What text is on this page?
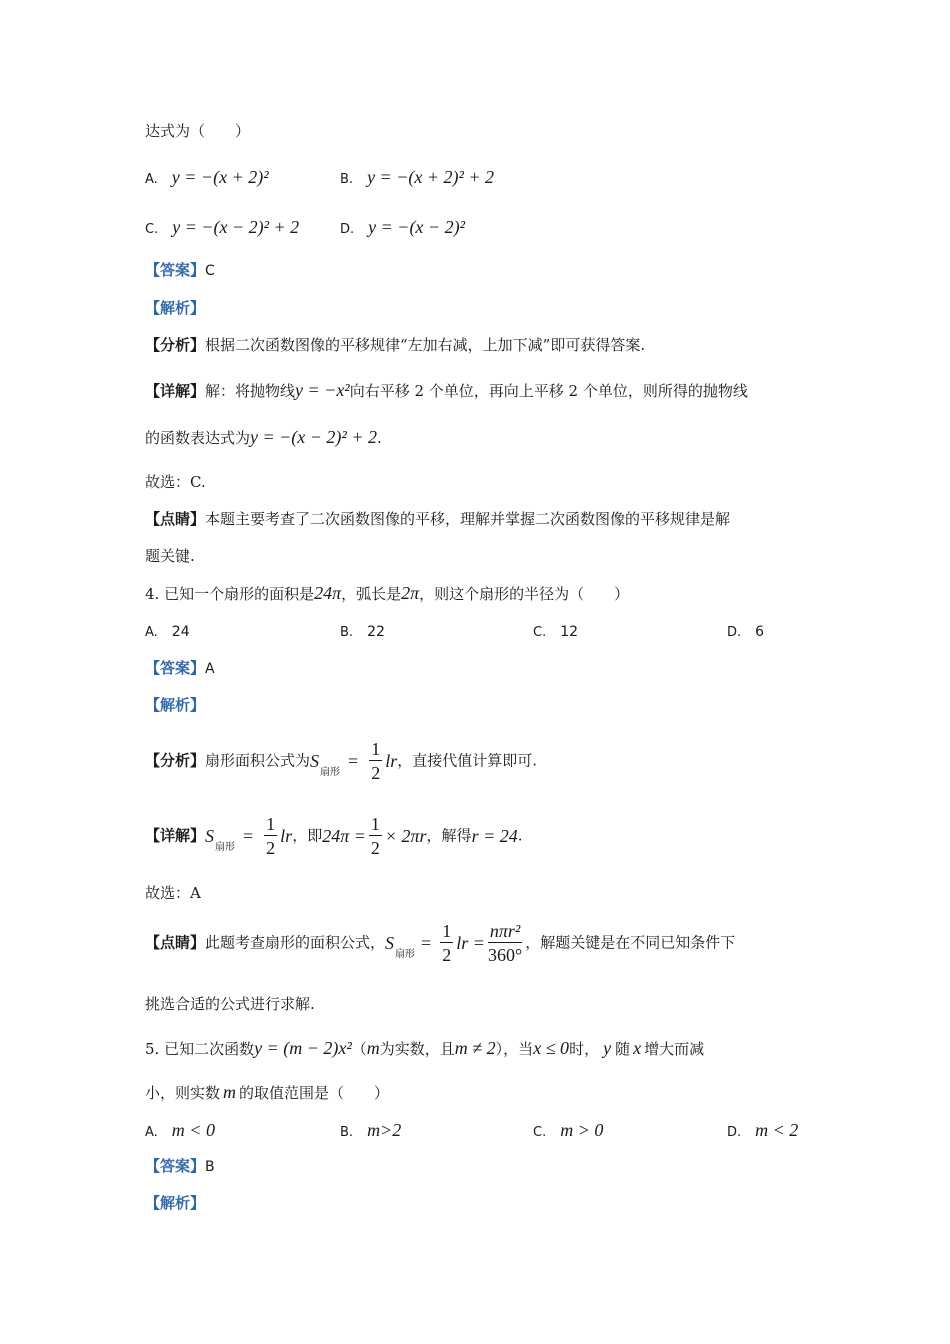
达式为（　　）
A. y = −(x + 2)²	B. y = −(x + 2)² + 2
C. y = −(x − 2)² + 2	D. y = −(x − 2)²
【答案】C
【解析】
【分析】根据二次函数图像的平移规律“左加右减，上加下减”即可获得答案.
【详解】解：将抛物线y = −x²向右平移 2 个单位，再向上平移 2 个单位，则所得的抛物线
的函数表达式为y = −(x − 2)² + 2.
故选：C.
【点睛】本题主要考查了二次函数图像的平移，理解并掌握二次函数图像的平移规律是解
题关键.
4. 已知一个扇形的面积是24π，弧长是2π，则这个扇形的半径为（　　）
A. 24	B. 22	C. 12	D. 6
【答案】A
【解析】
【分析】扇形面积公式为$S_{扇形}= \frac{1}{2}$ lr，直接代值计算即可.
【详解】$S_{扇形}= \frac{1}{2}$ lr，即$24\pi = \frac{1}{2} \times 2\pi r$，解得r = 24.
故选：A
【点睛】此题考查扇形的面积公式，$S_{扇形}= \frac{1}{2}$ lr = $\frac{\text{nπr²}}{360^\circ}$ ，解题关键是在不同已知条件下
挑选合适的公式进行求解.
5. 已知二次函数y = (m − 2)x²（m为实数，且m ≠ 2），当x ≤ 0时， y 随 x 增大而减
小，则实数 m 的取值范围是（　　）
A. m < 0	B. m>2	C. m > 0	D. m < 2
【答案】B
【解析】
